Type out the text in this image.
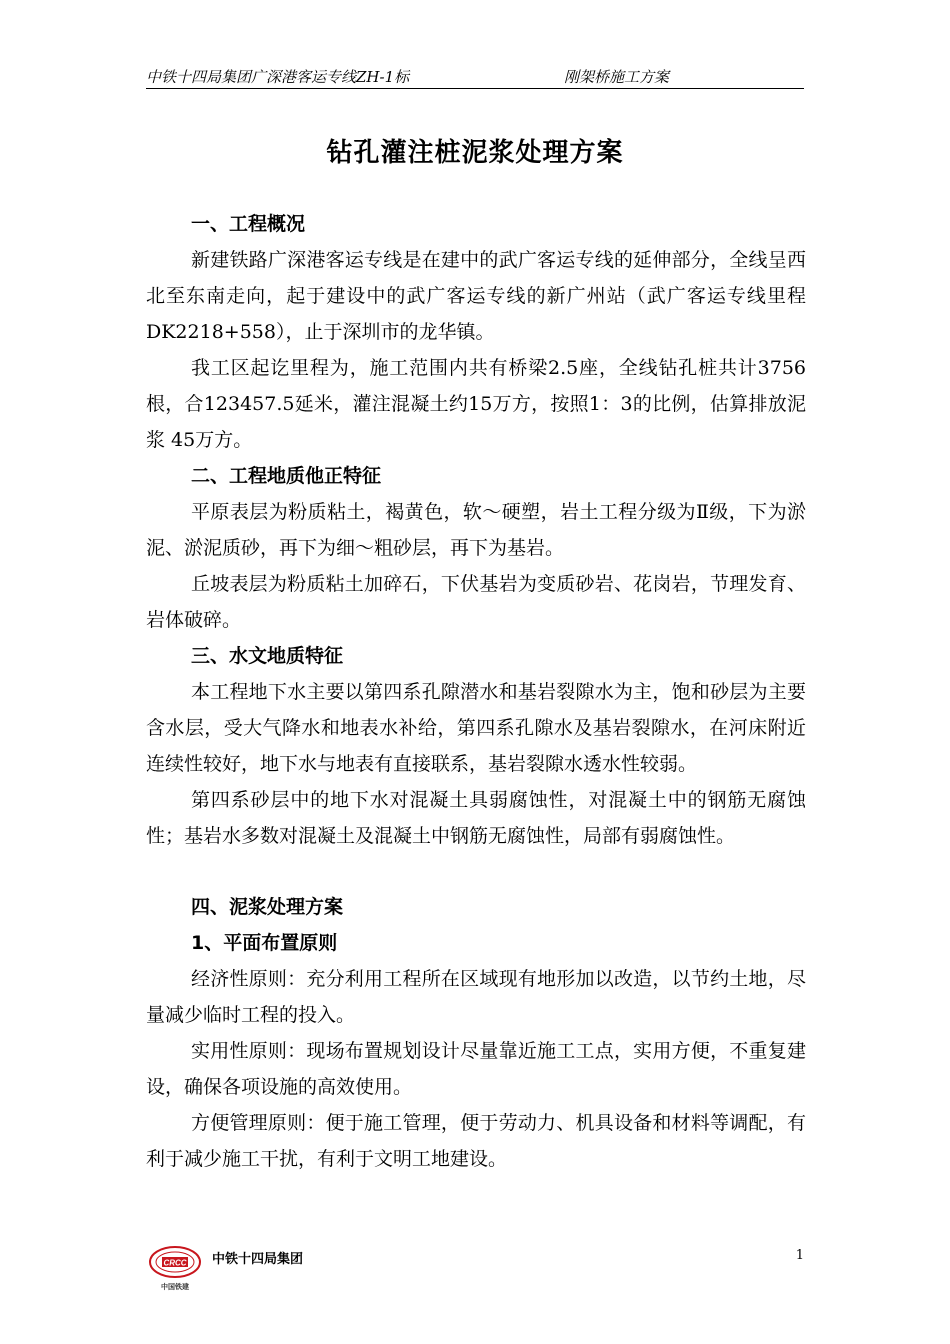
中铁十四局集团广深港客运专线ZH-1标	刚架桥施工方案
钻孔灌注桩泥浆处理方案

一、工程概况

新建铁路广深港客运专线是在建中的武广客运专线的延伸部分，全线呈西北至东南走向，起于建设中的武广客运专线的新广州站（武广客运专线里程DK2218+558），止于深圳市的龙华镇。

我工区起讫里程为，施工范围内共有桥梁2.5座，全线钻孔桩共计3756根，合123457.5延米，灌注混凝土约15万方，按照1：3的比例，估算排放泥浆 45万方。

二、工程地质他正特征

平原表层为粉质粘土，褐黄色，软～硬塑，岩土工程分级为Ⅱ级，下为淤泥、淤泥质砂，再下为细～粗砂层，再下为基岩。

丘坡表层为粉质粘土加碎石，下伏基岩为变质砂岩、花岗岩，节理发育、岩体破碎。

三、水文地质特征

本工程地下水主要以第四系孔隙潜水和基岩裂隙水为主，饱和砂层为主要含水层，受大气降水和地表水补给，第四系孔隙水及基岩裂隙水，在河床附近连续性较好，地下水与地表有直接联系，基岩裂隙水透水性较弱。

第四系砂层中的地下水对混凝土具弱腐蚀性，对混凝土中的钢筋无腐蚀性；基岩水多数对混凝土及混凝土中钢筋无腐蚀性，局部有弱腐蚀性。

四、泥浆处理方案

1、平面布置原则

经济性原则：充分利用工程所在区域现有地形加以改造，以节约土地，尽量减少临时工程的投入。

实用性原则：现场布置规划设计尽量靠近施工工点，实用方便，不重复建设，确保各项设施的高效使用。

方便管理原则：便于施工管理，便于劳动力、机具设备和材料等调配，有利于减少施工干扰，有利于文明工地建设。

CRCC
中国铁建
中铁十四局集团	1
